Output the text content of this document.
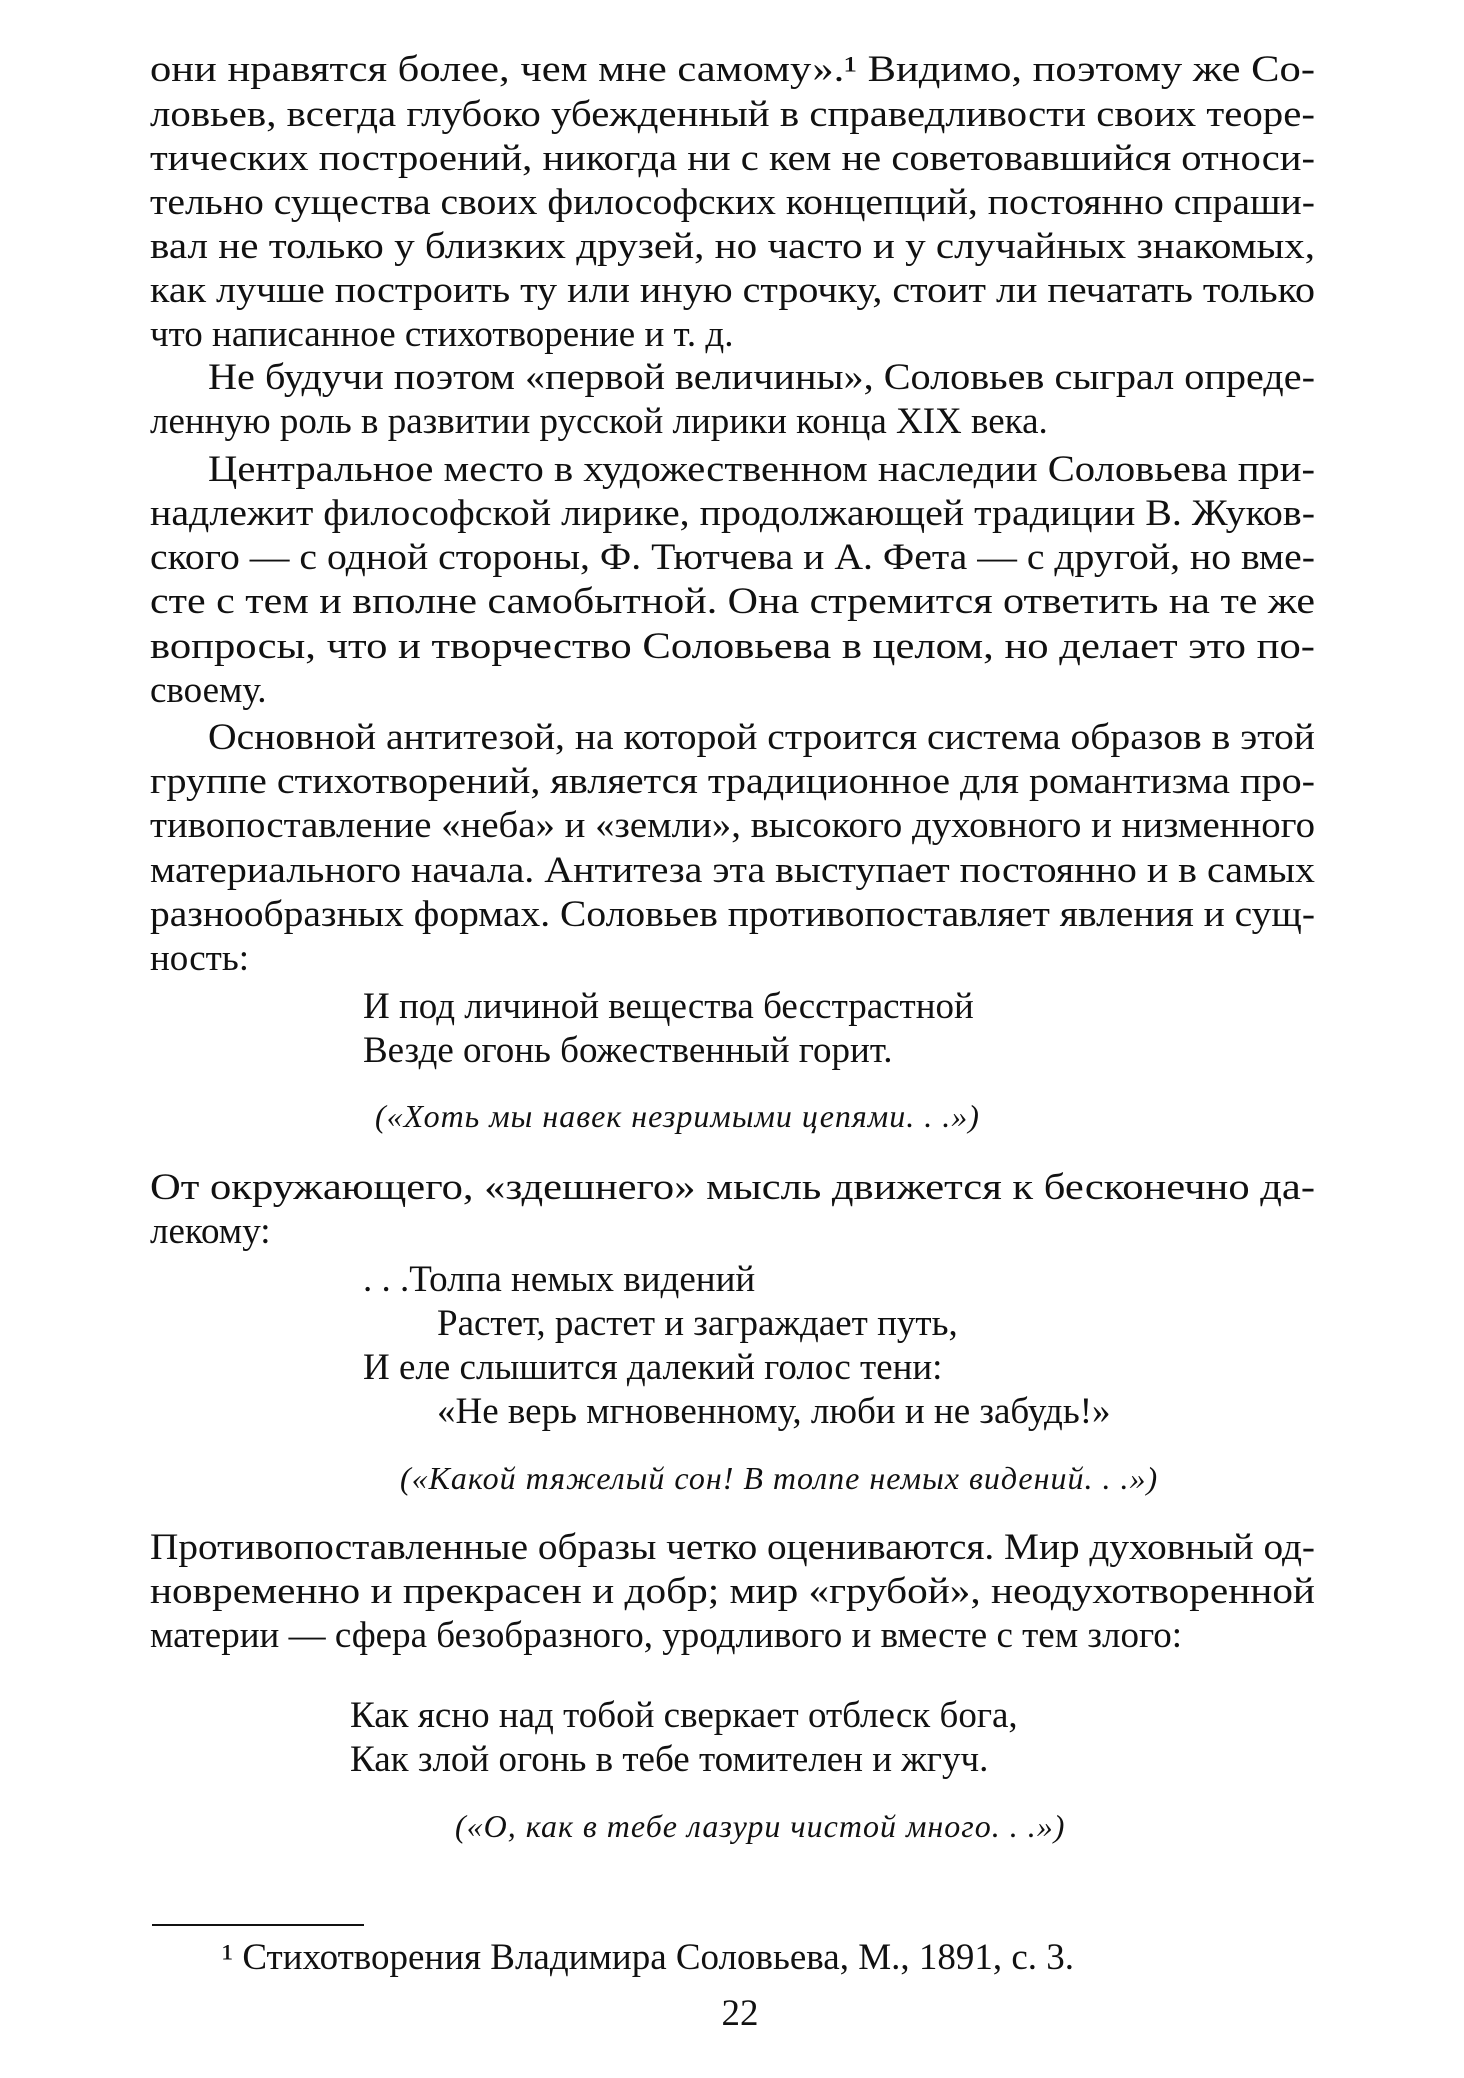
они нравятся более, чем мне самому».¹ Видимо, поэтому же Со-
ловьев, всегда глубоко убежденный в справедливости своих теоре-
тических построений, никогда ни с кем не советовавшийся относи-
тельно существа своих философских концепций, постоянно спраши-
вал не только у близких друзей, но часто и у случайных знакомых,
как лучше построить ту или иную строчку, стоит ли печатать только
что написанное стихотворение и т. д.
Не будучи поэтом «первой величины», Соловьев сыграл опреде-
ленную роль в развитии русской лирики конца XIX века.
Центральное место в художественном наследии Соловьева при-
надлежит философской лирике, продолжающей традиции В. Жуков-
ского — с одной стороны, Ф. Тютчева и А. Фета — с другой, но вме-
сте с тем и вполне самобытной. Она стремится ответить на те же
вопросы, что и творчество Соловьева в целом, но делает это по-
своему.
Основной антитезой, на которой строится система образов в этой
группе стихотворений, является традиционное для романтизма про-
тивопоставление «неба» и «земли», высокого духовного и низменного
материального начала. Антитеза эта выступает постоянно и в самых
разнообразных формах. Соловьев противопоставляет явления и сущ-
ность:
И под личиной вещества бесстрастной
Везде огонь божественный горит.
(«Хоть мы навек незримыми цепями. . .»)
От окружающего, «здешнего» мысль движется к бесконечно да-
лекому:
. . .Толпа немых видений
Растет, растет и заграждает путь,
И еле слышится далекий голос тени:
«Не верь мгновенному, люби и не забудь!»
(«Какой тяжелый сон! В толпе немых видений. . .»)
Противопоставленные образы четко оцениваются. Мир духовный од-
новременно и прекрасен и добр; мир «грубой», неодухотворенной
материи — сфера безобразного, уродливого и вместе с тем злого:
Как ясно над тобой сверкает отблеск бога,
Как злой огонь в тебе томителен и жгуч.
(«О, как в тебе лазури чистой много. . .»)
¹ Стихотворения Владимира Соловьева, М., 1891, с. 3.
22
